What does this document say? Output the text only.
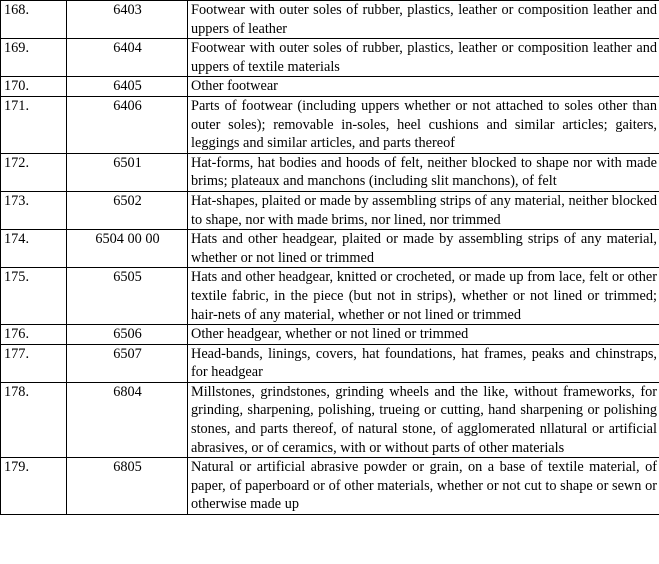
168.	6403	Footwear with outer soles of rubber, plastics, leather or composition leather and uppers of leather
169.	6404	Footwear with outer soles of rubber, plastics, leather or composition leather and uppers of textile materials
170.	6405	Other footwear
171.	6406	Parts of footwear (including uppers whether or not attached to soles other than outer soles); removable in-soles, heel cushions and similar articles; gaiters, leggings and similar articles, and parts thereof
172.	6501	Hat-forms, hat bodies and hoods of felt, neither blocked to shape nor with made brims; plateaux and manchons (including slit manchons), of felt
173.	6502	Hat-shapes, plaited or made by assembling strips of any material, neither blocked to shape, nor with made brims, nor lined, nor trimmed
174.	6504 00 00	Hats and other headgear, plaited or made by assembling strips of any material, whether or not lined or trimmed
175.	6505	Hats and other headgear, knitted or crocheted, or made up from lace, felt or other textile fabric, in the piece (but not in strips), whether or not lined or trimmed; hair-nets of any material, whether or not lined or trimmed
176.	6506	Other headgear, whether or not lined or trimmed
177.	6507	Head-bands, linings, covers, hat foundations, hat frames, peaks and chinstraps, for headgear
178.	6804	Millstones, grindstones, grinding wheels and the like, without frameworks, for grinding, sharpening, polishing, trueing or cutting, hand sharpening or polishing stones, and parts thereof, of natural stone, of agglomerated nllatural or artificial abrasives, or of ceramics, with or without parts of other materials
179.	6805	Natural or artificial abrasive powder or grain, on a base of textile material, of paper, of paperboard or of other materials, whether or not cut to shape or sewn or otherwise made up
